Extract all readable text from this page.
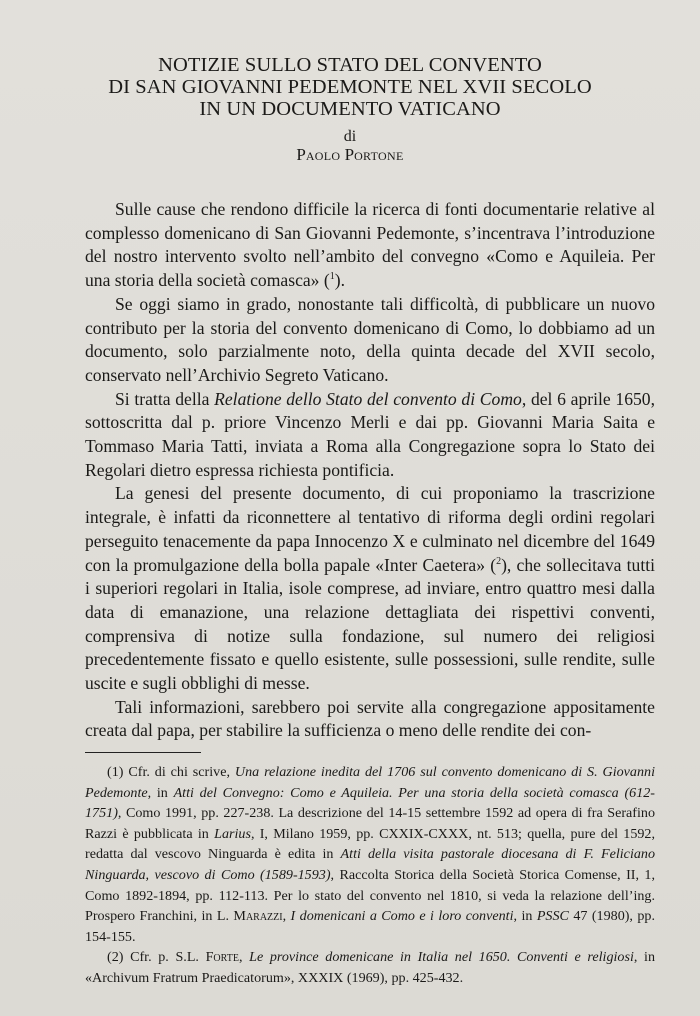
NOTIZIE SULLO STATO DEL CONVENTO
DI SAN GIOVANNI PEDEMONTE NEL XVII SECOLO
IN UN DOCUMENTO VATICANO
di
Paolo Portone

Sulle cause che rendono difficile la ricerca di fonti documentarie relative al complesso domenicano di San Giovanni Pedemonte, s’incentrava l’introduzione del nostro intervento svolto nell’ambito del convegno «Como e Aquileia. Per una storia della società comasca» ($^1$).

Se oggi siamo in grado, nonostante tali difficoltà, di pubblicare un nuovo contributo per la storia del convento domenicano di Como, lo dobbiamo ad un documento, solo parzialmente noto, della quinta decade del XVII secolo, conservato nell’Archivio Segreto Vaticano.

Si tratta della Relatione dello Stato del convento di Como, del 6 aprile 1650, sottoscritta dal p. priore Vincenzo Merli e dai pp. Giovanni Maria Saita e Tommaso Maria Tatti, inviata a Roma alla Congregazione sopra lo Stato dei Regolari dietro espressa richiesta pontificia.

La genesi del presente documento, di cui proponiamo la trascrizione integrale, è infatti da riconnettere al tentativo di riforma degli ordini regolari perseguito tenacemente da papa Innocenzo X e culminato nel dicembre del 1649 con la promulgazione della bolla papale «Inter Caetera» ($^2$), che sollecitava tutti i superiori regolari in Italia, isole comprese, ad inviare, entro quattro mesi dalla data di emanazione, una relazione dettagliata dei rispettivi conventi, comprensiva di notize sulla fondazione, sul numero dei religiosi precedentemente fissato e quello esistente, sulle possessioni, sulle rendite, sulle uscite e sugli obblighi di messe.

Tali informazioni, sarebbero poi servite alla congregazione appositamente creata dal papa, per stabilire la sufficienza o meno delle rendite dei con-

(1) Cfr. di chi scrive, Una relazione inedita del 1706 sul convento domenicano di S. Giovanni Pedemonte, in Atti del Convegno: Como e Aquileia. Per una storia della società comasca (612-1751), Como 1991, pp. 227-238. La descrizione del 14-15 settembre 1592 ad opera di fra Serafino Razzi è pubblicata in Larius, I, Milano 1959, pp. CXXIX-CXXX, nt. 513; quella, pure del 1592, redatta dal vescovo Ninguarda è edita in Atti della visita pastorale diocesana di F. Feliciano Ninguarda, vescovo di Como (1589-1593), Raccolta Storica della Società Storica Comense, II, 1, Como 1892-1894, pp. 112-113. Per lo stato del convento nel 1810, si veda la relazione dell’ing. Prospero Franchini, in L. Marazzi, I domenicani a Como e i loro conventi, in PSSC 47 (1980), pp. 154-155.

(2) Cfr. p. S.L. Forte, Le province domenicane in Italia nel 1650. Conventi e religiosi, in «Archivum Fratrum Praedicatorum», XXXIX (1969), pp. 425-432.
